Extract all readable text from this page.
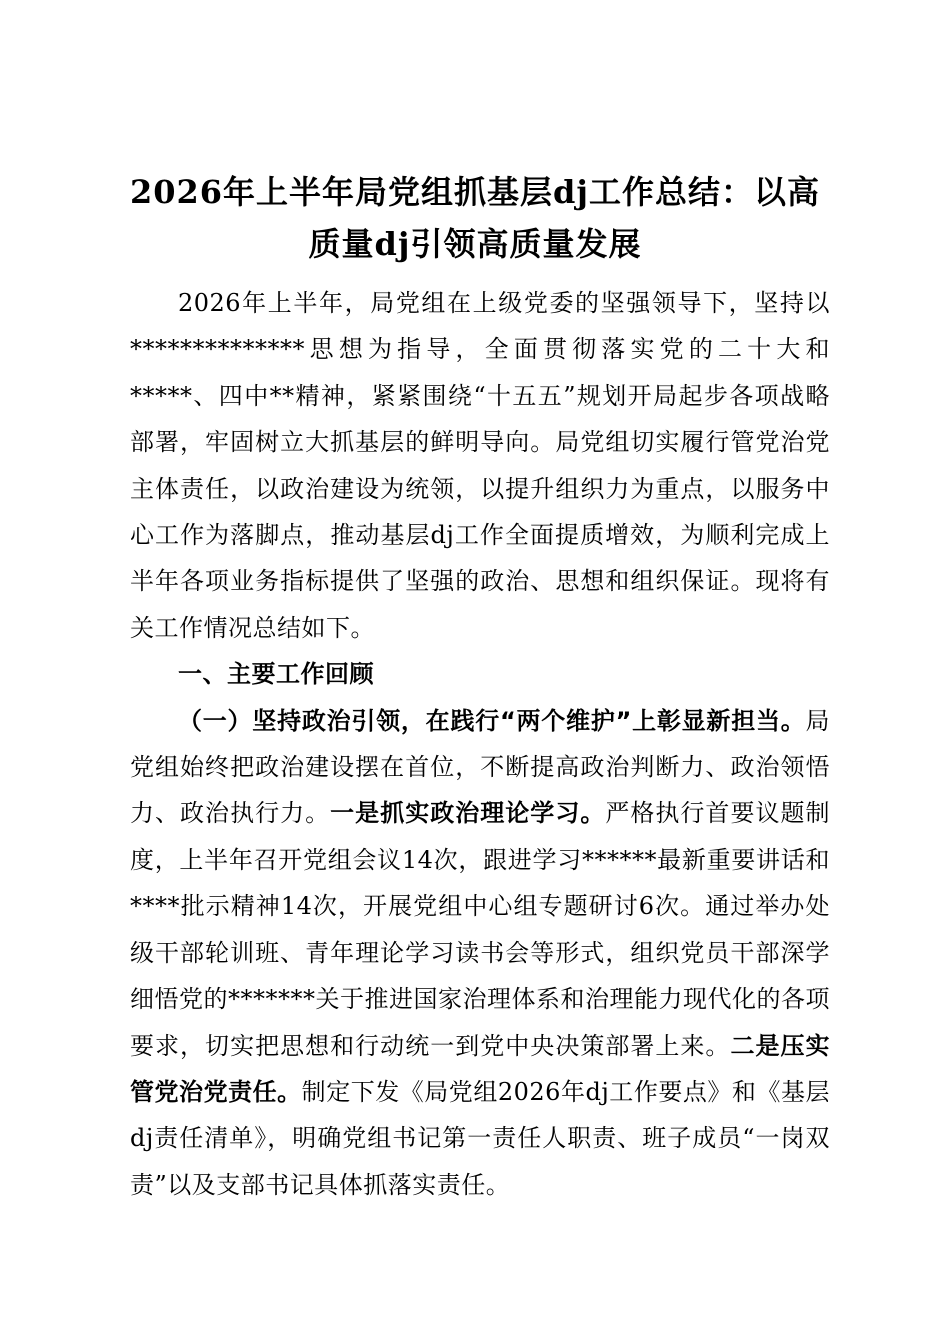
2026年上半年局党组抓基层dj工作总结：以高质量dj引领高质量发展

2026年上半年，局党组在上级党委的坚强领导下，坚持以**************思想为指导，全面贯彻落实党的二十大和*****、四中**精神，紧紧围绕“十五五”规划开局起步各项战略部署，牢固树立大抓基层的鲜明导向。局党组切实履行管党治党主体责任，以政治建设为统领，以提升组织力为重点，以服务中心工作为落脚点，推动基层dj工作全面提质增效，为顺利完成上半年各项业务指标提供了坚强的政治、思想和组织保证。现将有关工作情况总结如下。

一、主要工作回顾

（一）坚持政治引领，在践行“两个维护”上彰显新担当。局党组始终把政治建设摆在首位，不断提高政治判断力、政治领悟力、政治执行力。一是抓实政治理论学习。严格执行首要议题制度，上半年召开党组会议14次，跟进学习******最新重要讲话和****批示精神14次，开展党组中心组专题研讨6次。通过举办处级干部轮训班、青年理论学习读书会等形式，组织党员干部深学细悟党的*******关于推进国家治理体系和治理能力现代化的各项要求，切实把思想和行动统一到党中央决策部署上来。二是压实管党治党责任。制定下发《局党组2026年dj工作要点》和《基层dj责任清单》，明确党组书记第一责任人职责、班子成员“一岗双责”以及支部书记具体抓落实责任。
